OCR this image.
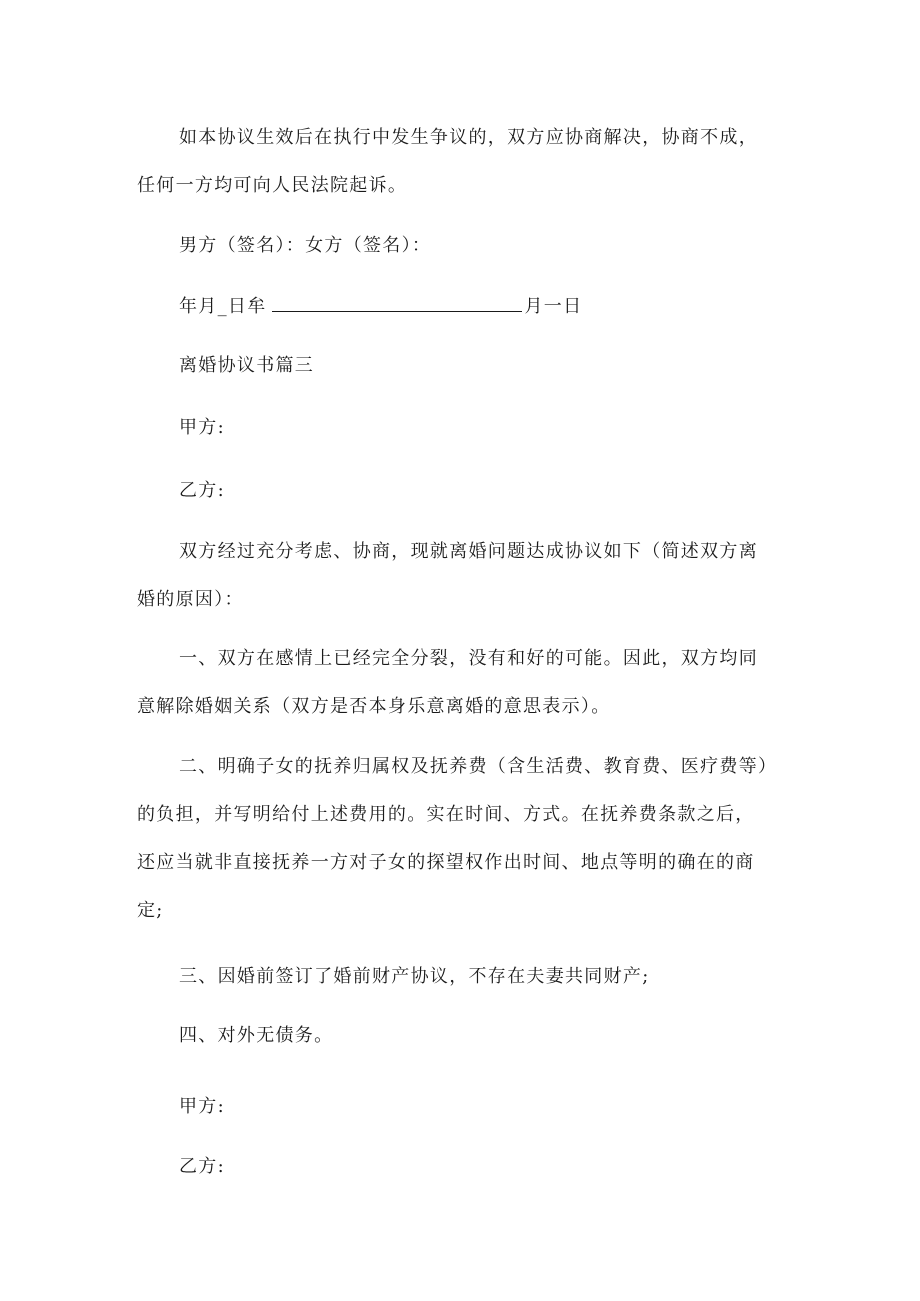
如本协议生效后在执行中发生争议的，双方应协商解决，协商不成，
任何一方均可向人民法院起诉。

男方（签名）：女方（签名）：

年月_日牟	月一日

离婚协议书篇三

甲方:

乙方:

双方经过充分考虑、协商，现就离婚问题达成协议如下（简述双方离
婚的原因）：

一、双方在感情上已经完全分裂，没有和好的可能。因此，双方均同
意解除婚姻关系（双方是否本身乐意离婚的意思表示）。

二、明确子女的抚养归属权及抚养费（含生活费、教育费、医疗费等）
的负担，并写明给付上述费用的。实在时间、方式。在抚养费条款之后，
还应当就非直接抚养一方对子女的探望权作出时间、地点等明的确在的商
定;

三、因婚前签订了婚前财产协议，不存在夫妻共同财产;

四、对外无债务。

甲方:

乙方:
